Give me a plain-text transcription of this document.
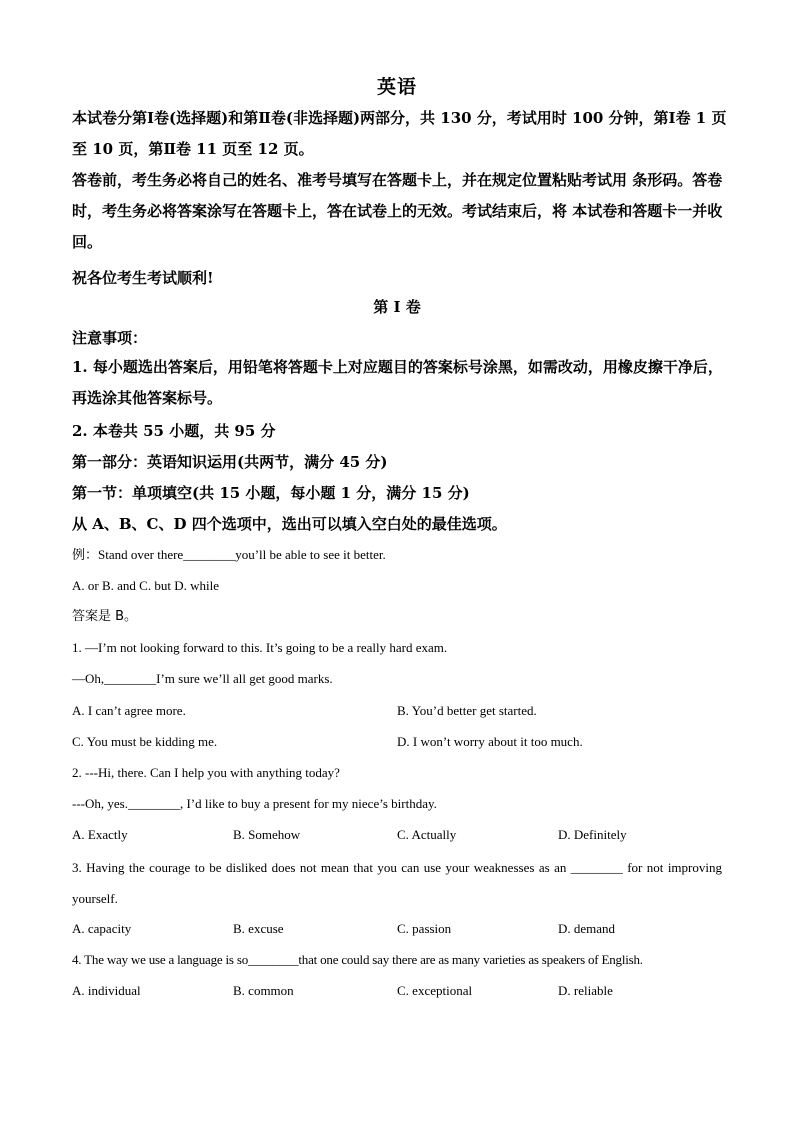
英语
本试卷分第Ⅰ卷(选择题)和第Ⅱ卷(非选择题)两部分，共 130 分，考试用时 100 分钟，第Ⅰ卷 1 页至 10 页，第Ⅱ卷 11 页至 12 页。
答卷前，考生务必将自己的姓名、准考号填写在答题卡上，并在规定位置粘贴考试用 条形码。答卷时，考生务必将答案涂写在答题卡上，答在试卷上的无效。考试结束后，将 本试卷和答题卡一并收回。
祝各位考生考试顺利!
第 I 卷
注意事项：
1. 每小题选出答案后，用铅笔将答题卡上对应题目的答案标号涂黑，如需改动，用橡皮擦干净后，再选涂其他答案标号。
2. 本卷共 55 小题，共 95 分
第一部分：英语知识运用(共两节，满分 45 分)
第一节：单项填空(共 15 小题，每小题 1 分，满分 15 分)
从 A、B、C、D 四个选项中，选出可以填入空白处的最佳选项。
例：Stand over there________you’ll be able to see it better.
A. or B. and C. but D. while
答案是 B。
1. —I’m not looking forward to this. It’s going to be a really hard exam.
—Oh,________I’m sure we’ll all get good marks.
A. I can’t agree more.	B. You’d better get started.
C. You must be kidding me.	D. I won’t worry about it too much.
2. ---Hi, there. Can I help you with anything today?
---Oh, yes.________, I’d like to buy a present for my niece’s birthday.
A. Exactly	B. Somehow	C. Actually	D. Definitely
3. Having the courage to be disliked does not mean that you can use your weaknesses as an ________ for not improving yourself.
A. capacity	B. excuse	C. passion	D. demand
4. The way we use a language is so________that one could say there are as many varieties as speakers of English.
A. individual	B. common	C. exceptional	D. reliable
